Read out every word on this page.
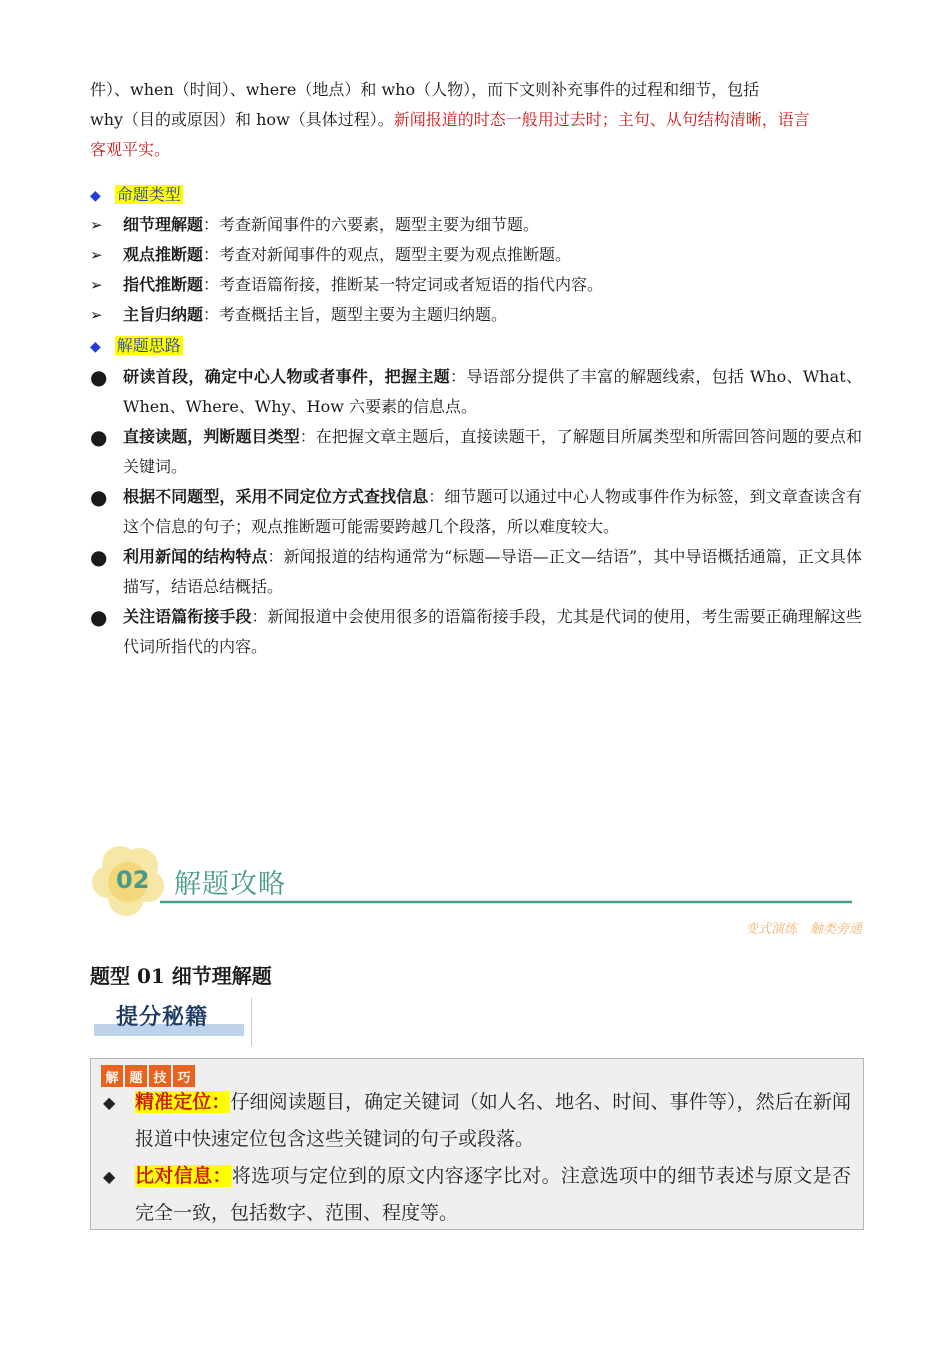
件）、when（时间）、where（地点）和 who（人物），而下文则补充事件的过程和细节，包括
why（目的或原因）和 how（具体过程）。新闻报道的时态一般用过去时；主句、从句结构清晰，语言
客观平实。
◆ 命题类型
➢ 细节理解题：考查新闻事件的六要素，题型主要为细节题。
➢ 观点推断题：考查对新闻事件的观点，题型主要为观点推断题。
➢ 指代推断题：考查语篇衔接，推断某一特定词或者短语的指代内容。
➢ 主旨归纳题：考查概括主旨，题型主要为主题归纳题。
◆ 解题思路
● 研读首段，确定中心人物或者事件，把握主题：导语部分提供了丰富的解题线索，包括 Who、What、When、Where、Why、How 六要素的信息点。
● 直接读题，判断题目类型：在把握文章主题后，直接读题干，了解题目所属类型和所需回答问题的要点和关键词。
● 根据不同题型，采用不同定位方式查找信息：细节题可以通过中心人物或事件作为标签，到文章查读含有这个信息的句子；观点推断题可能需要跨越几个段落，所以难度较大。
● 利用新闻的结构特点：新闻报道的结构通常为“标题—导语—正文—结语”，其中导语概括通篇，正文具体描写，结语总结概括。
● 关注语篇衔接手段：新闻报道中会使用很多的语篇衔接手段，尤其是代词的使用，考生需要正确理解这些代词所指代的内容。
02 解题攻略
变式演练　触类旁通
题型 01 细节理解题
提分秘籍
解 题 技 巧
◆ 精准定位：仔细阅读题目，确定关键词（如人名、地名、时间、事件等），然后在新闻报道中快速定位包含这些关键词的句子或段落。
◆ 比对信息：将选项与定位到的原文内容逐字比对。注意选项中的细节表述与原文是否完全一致，包括数字、范围、程度等。
